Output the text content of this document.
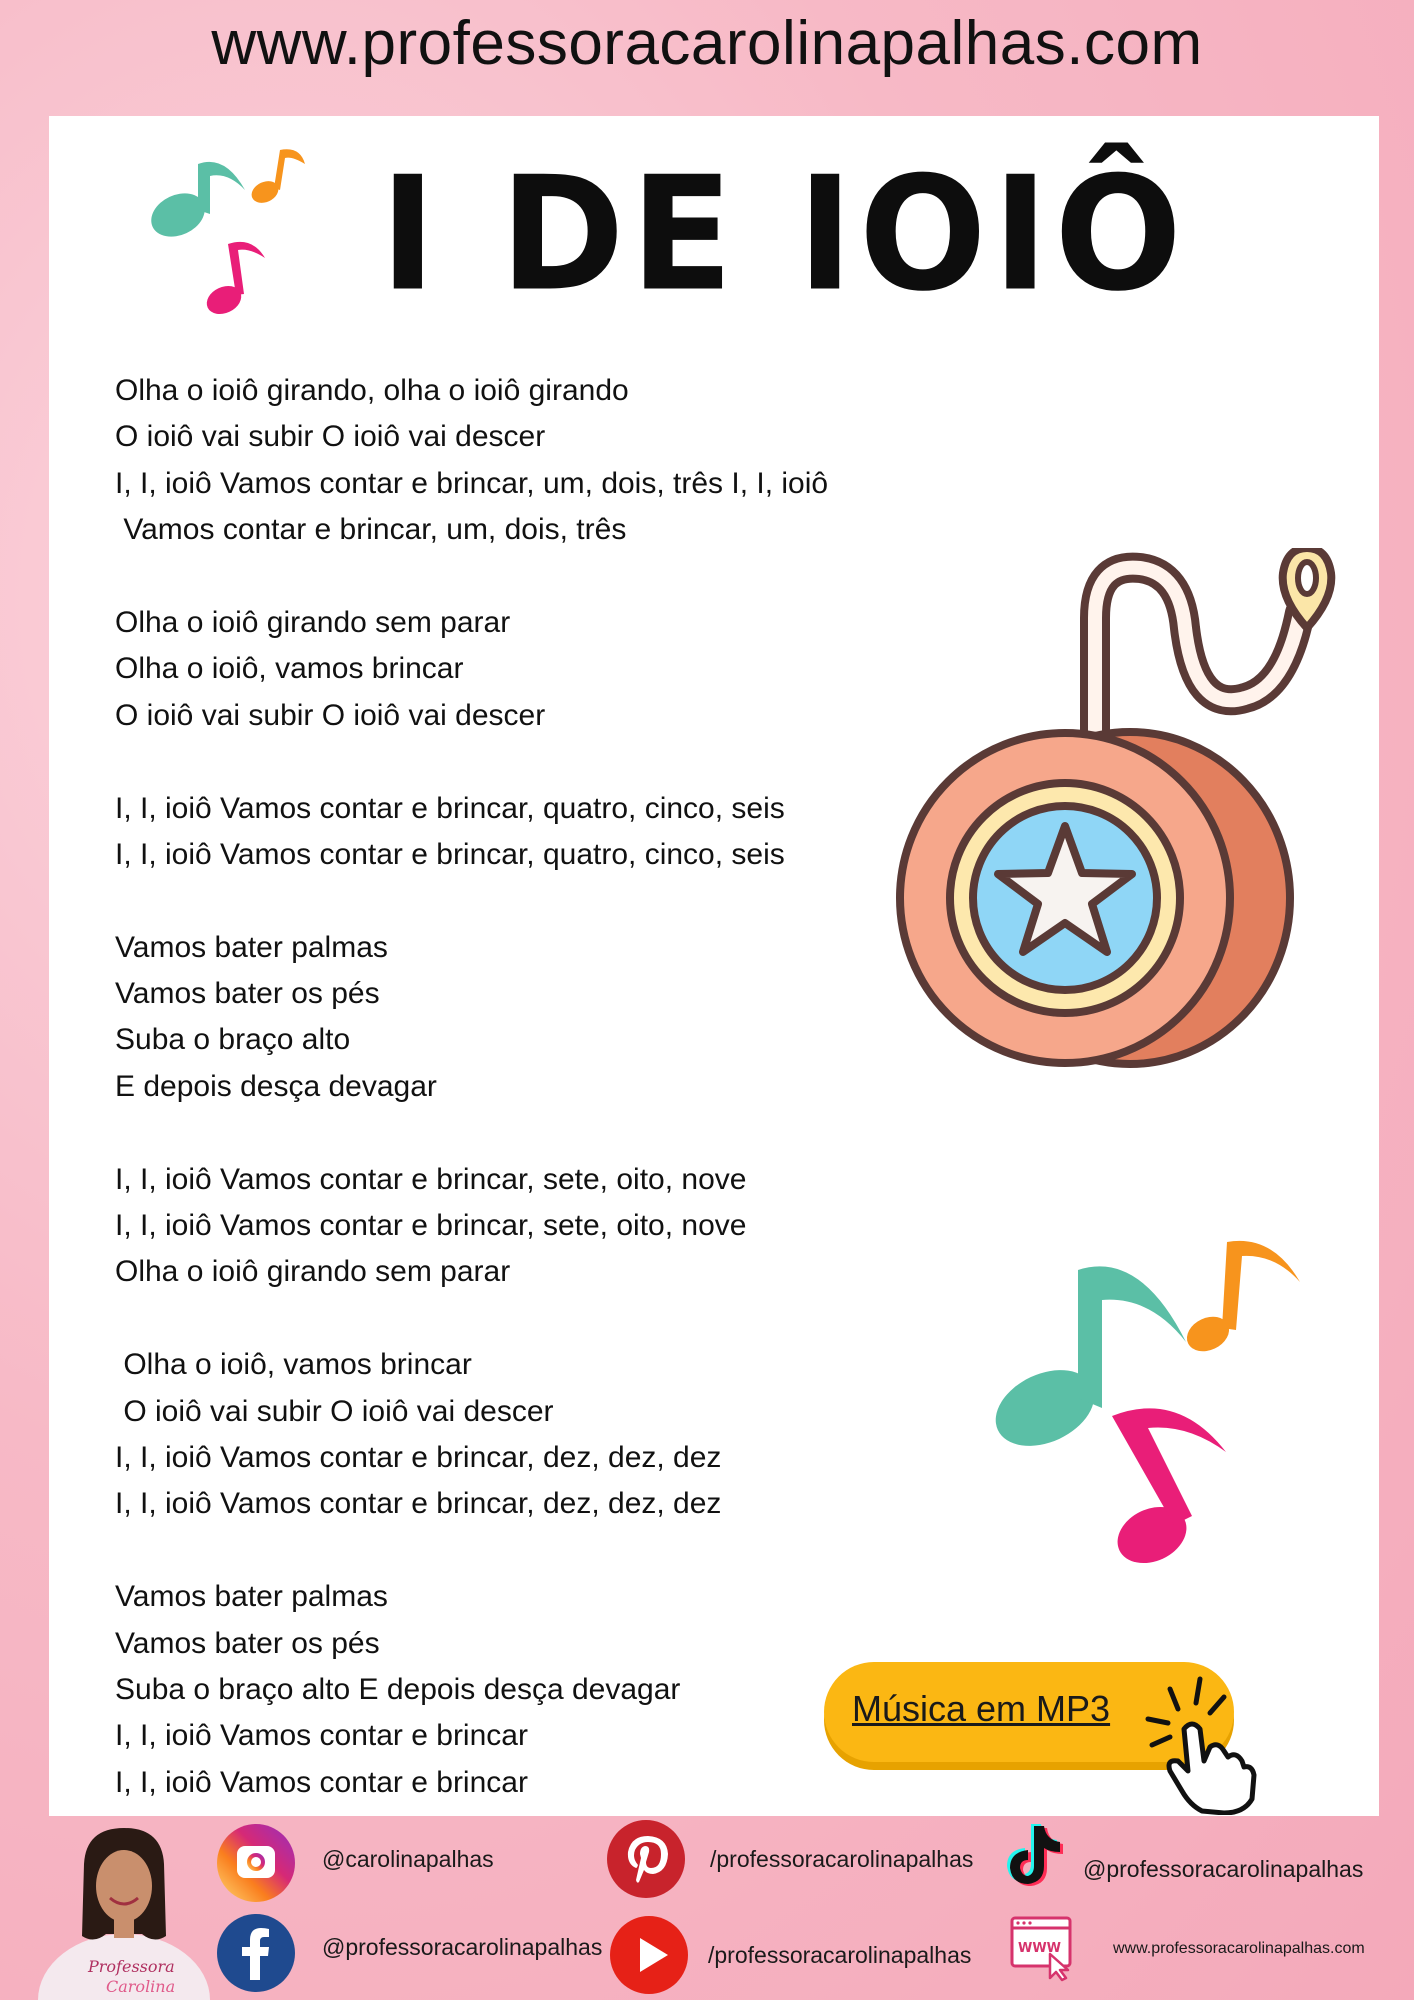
www.professoracarolinapalhas.com
I DE IOIÔ
Olha o ioiô girando, olha o ioiô girando
O ioiô vai subir O ioiô vai descer
I, I, ioiô Vamos contar e brincar, um, dois, três I, I, ioiô
Vamos contar e brincar, um, dois, três
Olha o ioiô girando sem parar
Olha o ioiô, vamos brincar
O ioiô vai subir O ioiô vai descer
I, I, ioiô Vamos contar e brincar, quatro, cinco, seis
I, I, ioiô Vamos contar e brincar, quatro, cinco, seis
Vamos bater palmas
Vamos bater os pés
Suba o braço alto
E depois desça devagar
I, I, ioiô Vamos contar e brincar, sete, oito, nove
I, I, ioiô Vamos contar e brincar, sete, oito, nove
Olha o ioiô girando sem parar
Olha o ioiô, vamos brincar
O ioiô vai subir O ioiô vai descer
I, I, ioiô Vamos contar e brincar, dez, dez, dez
I, I, ioiô Vamos contar e brincar, dez, dez, dez
Vamos bater palmas
Vamos bater os pés
Suba o braço alto E depois desça devagar
I, I, ioiô Vamos contar e brincar
I, I, ioiô Vamos contar e brincar
Música em MP3
Professora
Carolina
@carolinapalhas	/professoracarolinapalhas	@professoracarolinapalhas
@professoracarolinapalhas	/professoracarolinapalhas	WWW	www.professoracarolinapalhas.com
